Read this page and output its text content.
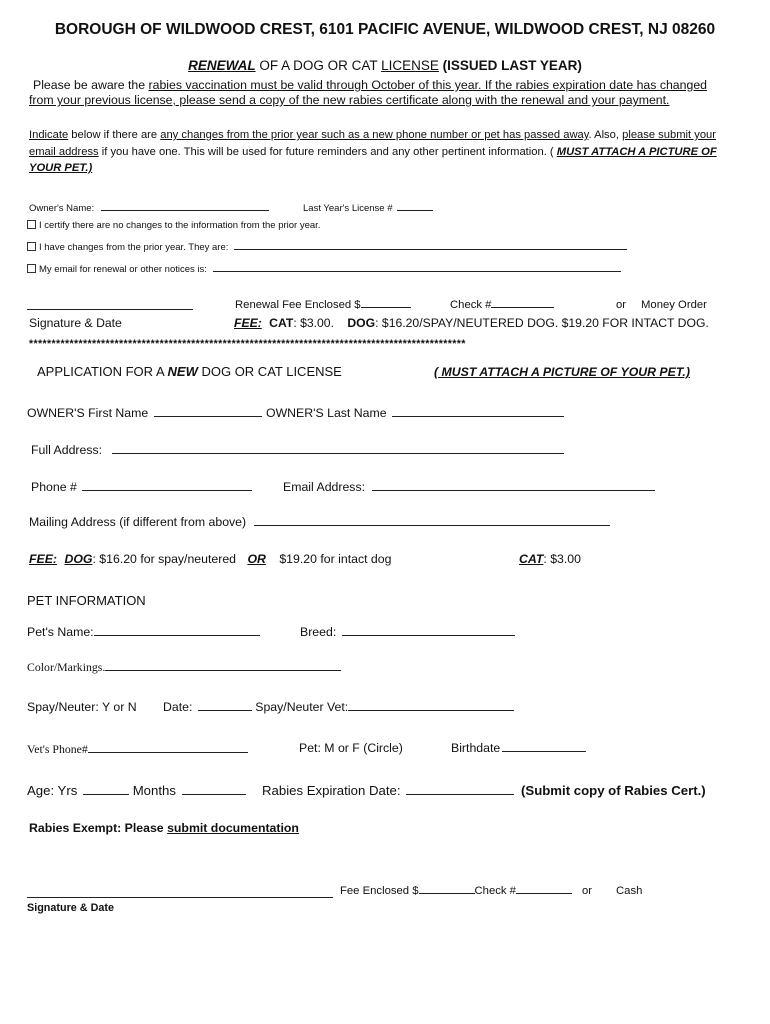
BOROUGH OF WILDWOOD CREST, 6101 PACIFIC AVENUE, WILDWOOD CREST, NJ 08260
RENEWAL OF A DOG OR CAT LICENSE (ISSUED LAST YEAR)
Please be aware the rabies vaccination must be valid through October of this year. If the rabies expiration date has changed
from your previous license, please send a copy of the new rabies certificate along with the renewal and your payment.
Indicate below if there are any changes from the prior year such as a new phone number or pet has passed away. Also, please submit your
email address if you have one. This will be used for future reminders and any other pertinent information. ( MUST ATTACH A PICTURE OF
YOUR PET.)
Owner's Name:	Last Year's License #
I certify there are no changes to the information from the prior year.
I have changes from the prior year. They are:
My email for renewal or other notices is:
Renewal Fee Enclosed $	Check #	or Money Order
Signature & Date	FEE: CAT: $3.00. DOG: $16.20/SPAY/NEUTERED DOG. $19.20 FOR INTACT DOG.
*************************************************************************************************
APPLICATION FOR A NEW DOG OR CAT LICENSE	( MUST ATTACH A PICTURE OF YOUR PET.)
OWNER'S First Name	OWNER'S Last Name
Full Address:
Phone #	Email Address:
Mailing Address (if different from above)
FEE: DOG: $16.20 for spay/neutered OR $19.20 for intact dog	CAT: $3.00
PET INFORMATION
Pet's Name:	Breed:
Color/Markings.
Spay/Neuter: Y or N Date:	Spay/Neuter Vet:
Vet's Phone#	Pet: M or F (Circle)	Birthdate
Age: Yrs	Months	Rabies Expiration Date:	(Submit copy of Rabies Cert.)
Rabies Exempt: Please submit documentation
Fee Enclosed $	Check #	or Cash
Signature & Date
